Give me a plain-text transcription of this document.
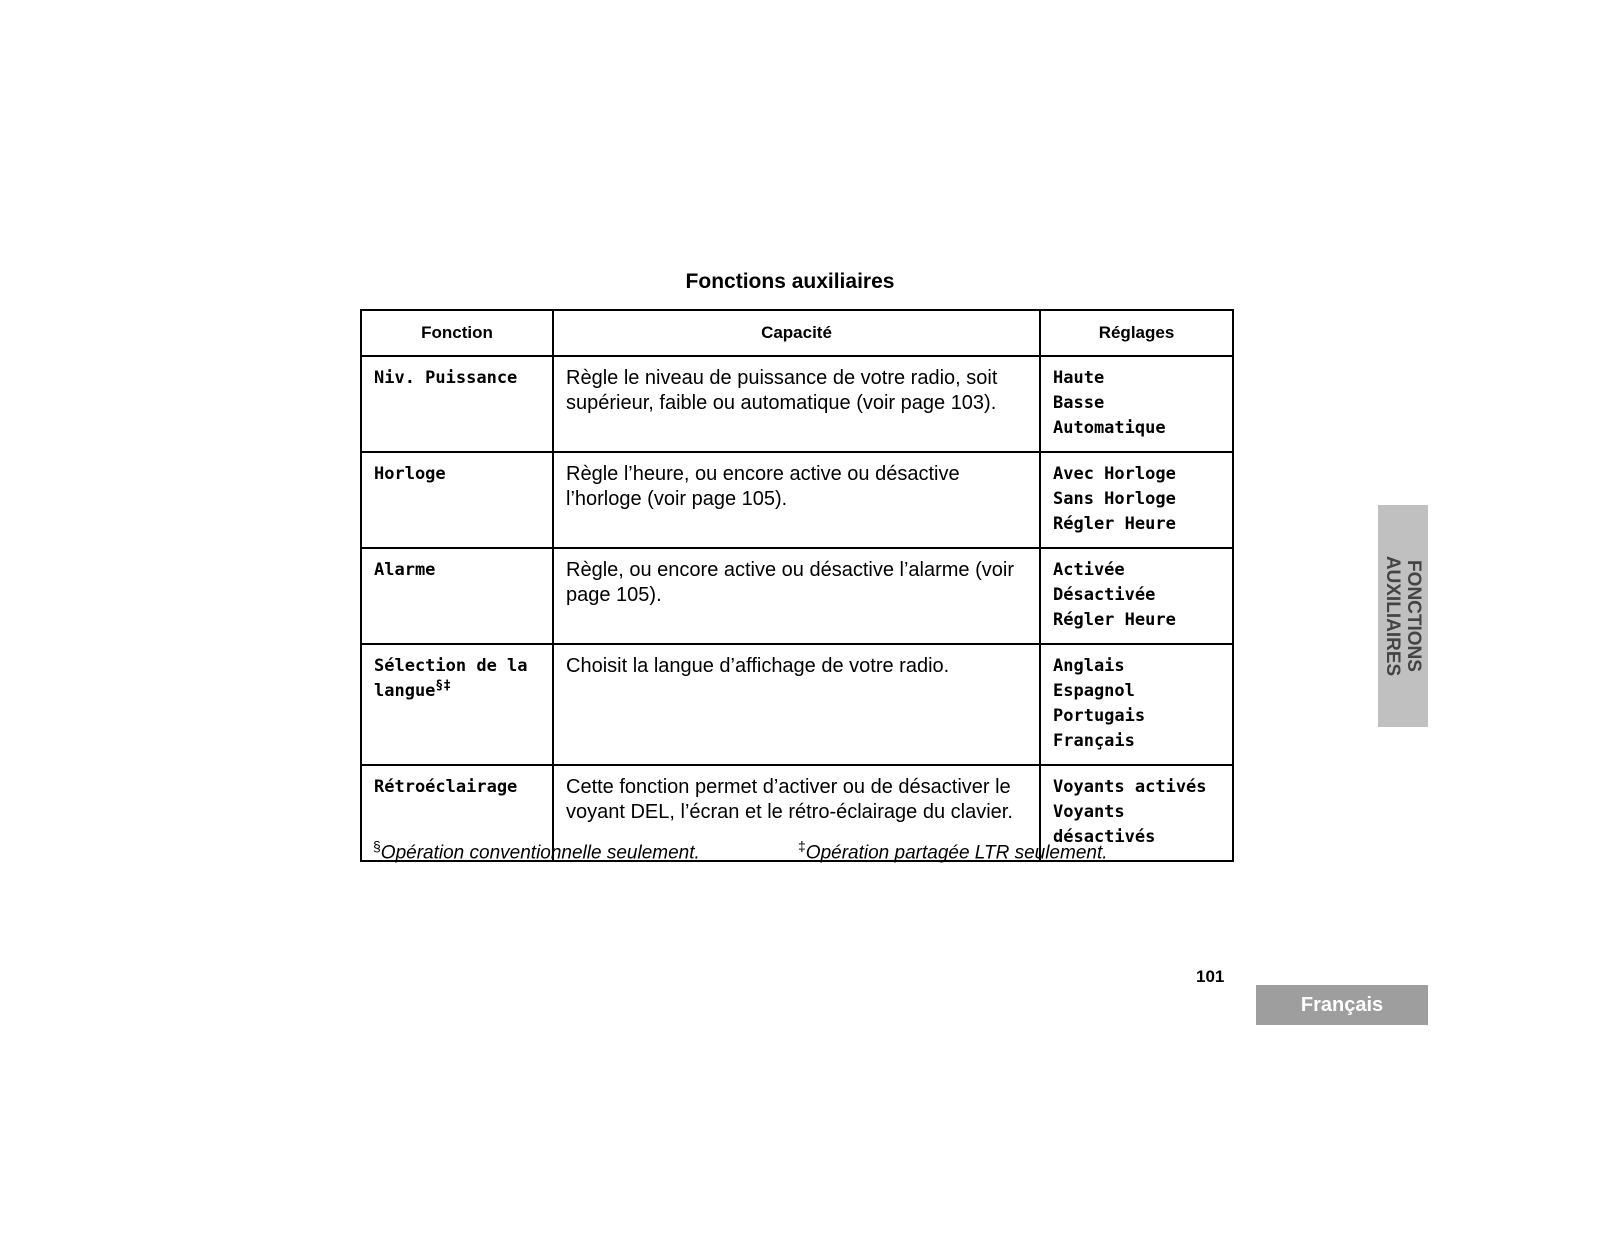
Fonctions auxiliaires
Fonction	Capacité	Réglages
Niv. Puissance	Règle le niveau de puissance de votre radio, soit supérieur, faible ou automatique (voir page 103).	Haute
Basse
Automatique

Horloge	Règle l’heure, ou encore active ou désactive l’horloge (voir page 105).	Avec Horloge
Sans Horloge
Régler Heure

Alarme	Règle, ou encore active ou désactive l’alarme (voir page 105).	Activée
Désactivée
Régler Heure

Sélection de la langue§‡	Choisit la langue d’affichage de votre radio.	Anglais
Espagnol
Portugais
Français

Rétroéclairage	Cette fonction permet d’activer ou de désactiver le voyant DEL, l’écran et le rétro-éclairage du clavier.	Voyants activés
Voyants désactivés
§Opération conventionnelle seulement.	‡Opération partagée LTR seulement.
FONCTIONS
AUXILIAIRES
101
Français
